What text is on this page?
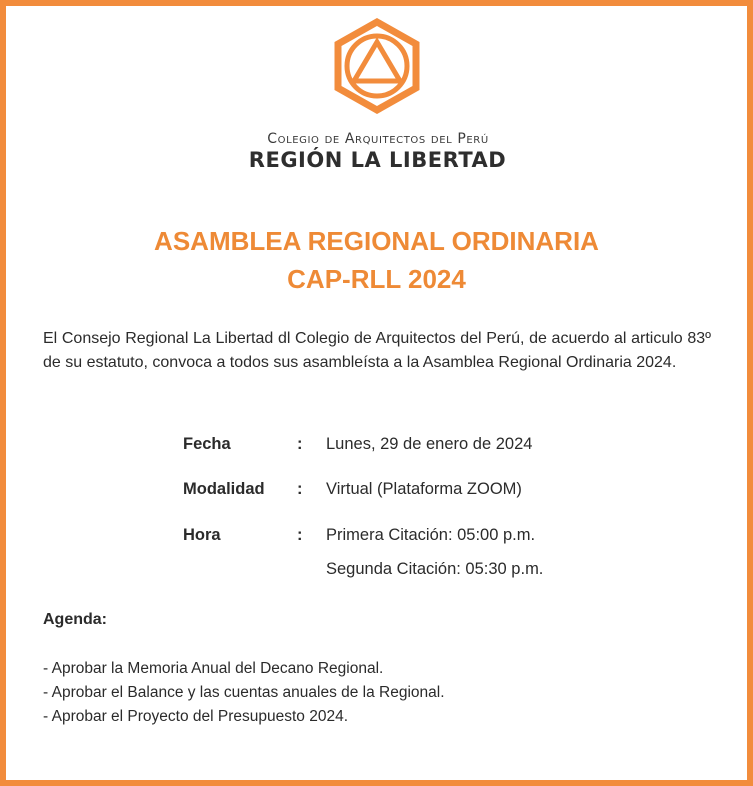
Colegio de Arquitectos del Perú
REGIÓN LA LIBERTAD
ASAMBLEA REGIONAL ORDINARIA
CAP-RLL 2024
El Consejo Regional La Libertad dl Colegio de Arquitectos del Perú, de acuerdo al articulo 83º de su estatuto, convoca a todos sus asambleísta a la Asamblea Regional Ordinaria 2024.
Fecha	: Lunes, 29 de enero de 2024
Modalidad : Virtual (Plataforma ZOOM)
Hora	: Primera Citación: 05:00 p.m.
Segunda Citación: 05:30 p.m.
Agenda:
- Aprobar la Memoria Anual del Decano Regional.
- Aprobar el Balance y las cuentas anuales de la Regional.
- Aprobar el Proyecto del Presupuesto 2024.
